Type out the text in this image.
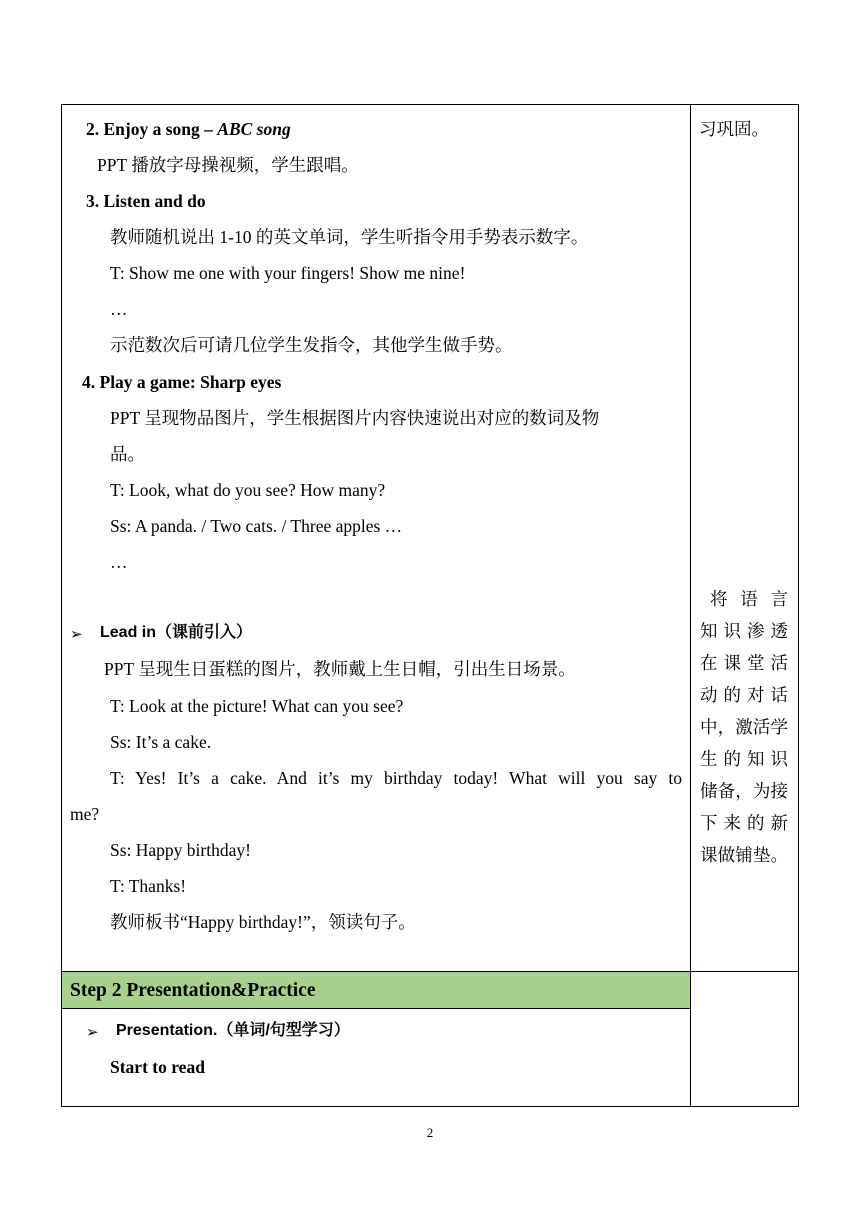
2. Enjoy a song – ABC song
PPT 播放字母操视频，学生跟唱。
3. Listen and do
教师随机说出 1-10 的英文单词，学生听指令用手势表示数字。
T: Show me one with your fingers! Show me nine!
…
示范数次后可请几位学生发指令，其他学生做手势。
4. Play a game: Sharp eyes
PPT 呈现物品图片，学生根据图片内容快速说出对应的数词及物
品。
T: Look, what do you see? How many?
Ss: A panda. / Two cats. / Three apples …
…
➢ Lead in（课前引入）
PPT 呈现生日蛋糕的图片，教师戴上生日帽，引出生日场景。
T: Look at the picture! What can you see?
Ss: It’s a cake.
T: Yes! It’s a cake. And it’s my birthday today! What will you say to
me?
Ss: Happy birthday!
T: Thanks!
教师板书“Happy birthday!”，领读句子。
习巩固。
将 语 言
知 识 渗 透
在 课 堂 活
动 的 对 话
中，激活学
生 的 知 识
储备，为接
下 来 的 新
课做铺垫。
Step 2 Presentation&Practice
➢ Presentation.（单词/句型学习）
Start to read
2
